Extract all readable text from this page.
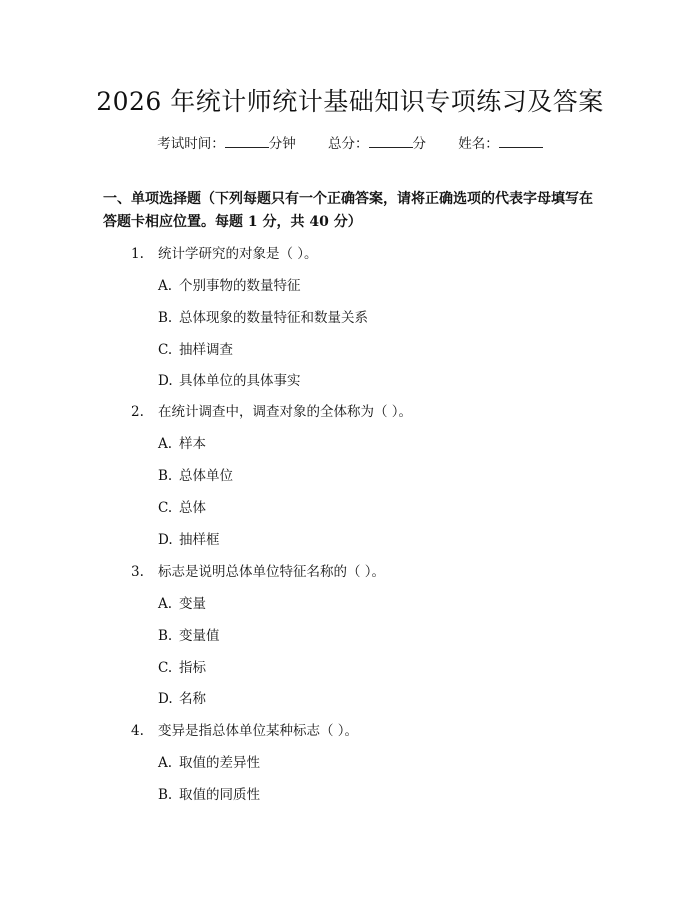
2026 年统计师统计基础知识专项练习及答案
考试时间：	分钟 总分：	分 姓名：
一、单项选择题（下列每题只有一个正确答案，请将正确选项的代表字母填写在答题卡相应位置。每题 1 分，共 40 分）
1. 统计学研究的对象是（ ）。
A. 个别事物的数量特征
B. 总体现象的数量特征和数量关系
C. 抽样调查
D. 具体单位的具体事实
2. 在统计调查中，调查对象的全体称为（ ）。
A. 样本
B. 总体单位
C. 总体
D. 抽样框
3. 标志是说明总体单位特征名称的（ ）。
A. 变量
B. 变量值
C. 指标
D. 名称
4. 变异是指总体单位某种标志（ ）。
A. 取值的差异性
B. 取值的同质性
